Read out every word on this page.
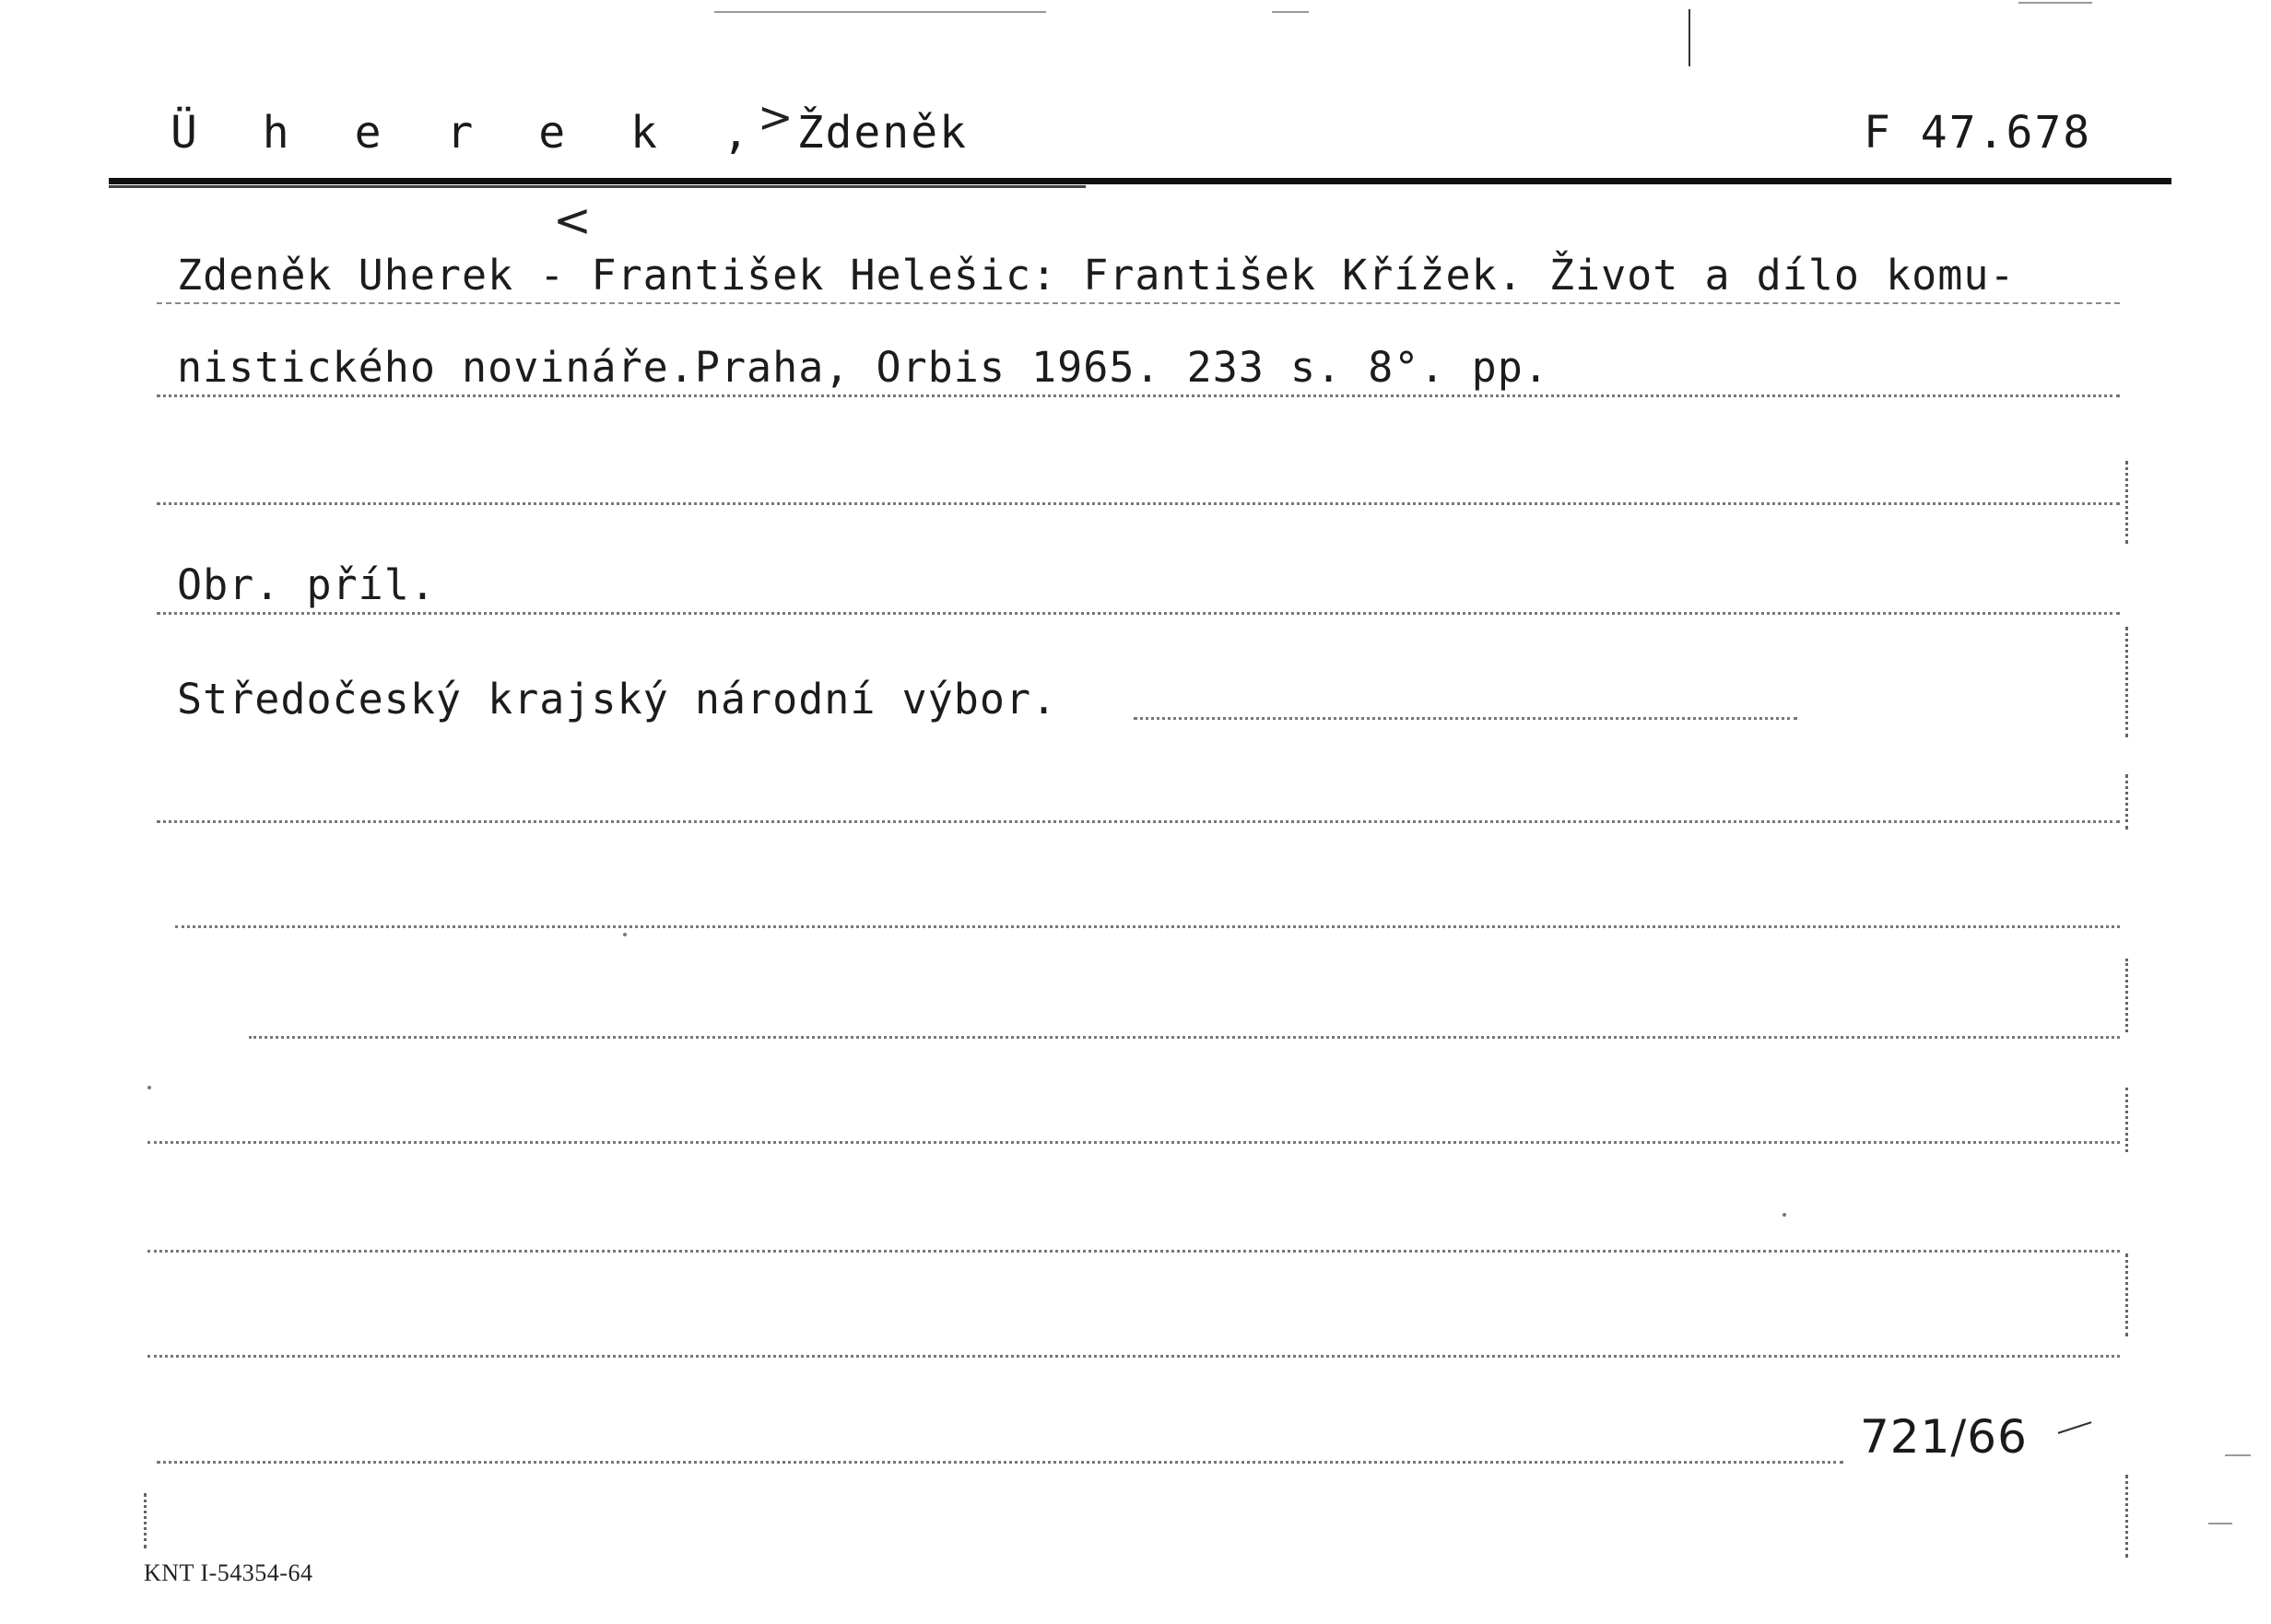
Ü h e r e k , Ždeněk
>	F 47.678
<
Zdeněk Uherek - František Helešic: František Křížek. Život a dílo komu-
nistického novináře.Praha, Orbis 1965. 233 s. 8°. pp.
Obr. příl.
Středočeský krajský národní výbor.
721/66
KNT I-54354-64
